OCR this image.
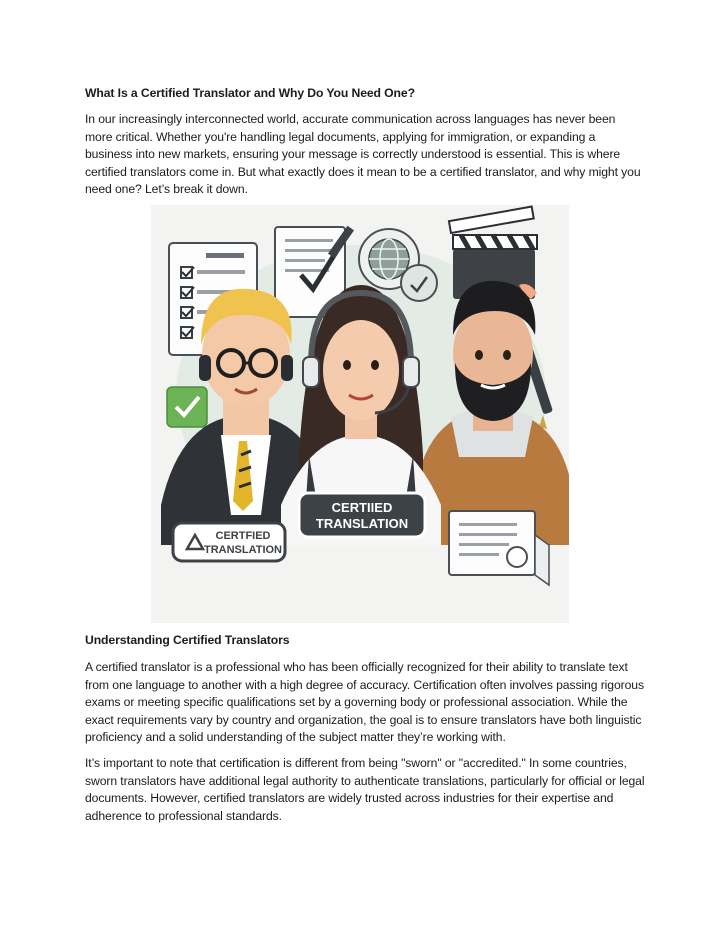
What Is a Certified Translator and Why Do You Need One?

In our increasingly interconnected world, accurate communication across languages has never been more critical. Whether you're handling legal documents, applying for immigration, or expanding a business into new markets, ensuring your message is correctly understood is essential. This is where certified translators come in. But what exactly does it mean to be a certified translator, and why might you need one? Let’s break it down.

CERTIIED
TRANSLATION
CERTFIED
TRANSLATION
Understanding Certified Translators

A certified translator is a professional who has been officially recognized for their ability to translate text from one language to another with a high degree of accuracy. Certification often involves passing rigorous exams or meeting specific qualifications set by a governing body or professional association. While the exact requirements vary by country and organization, the goal is to ensure translators have both linguistic proficiency and a solid understanding of the subject matter they’re working with.

It’s important to note that certification is different from being "sworn" or "accredited." In some countries, sworn translators have additional legal authority to authenticate translations, particularly for official or legal documents. However, certified translators are widely trusted across industries for their expertise and adherence to professional standards.
